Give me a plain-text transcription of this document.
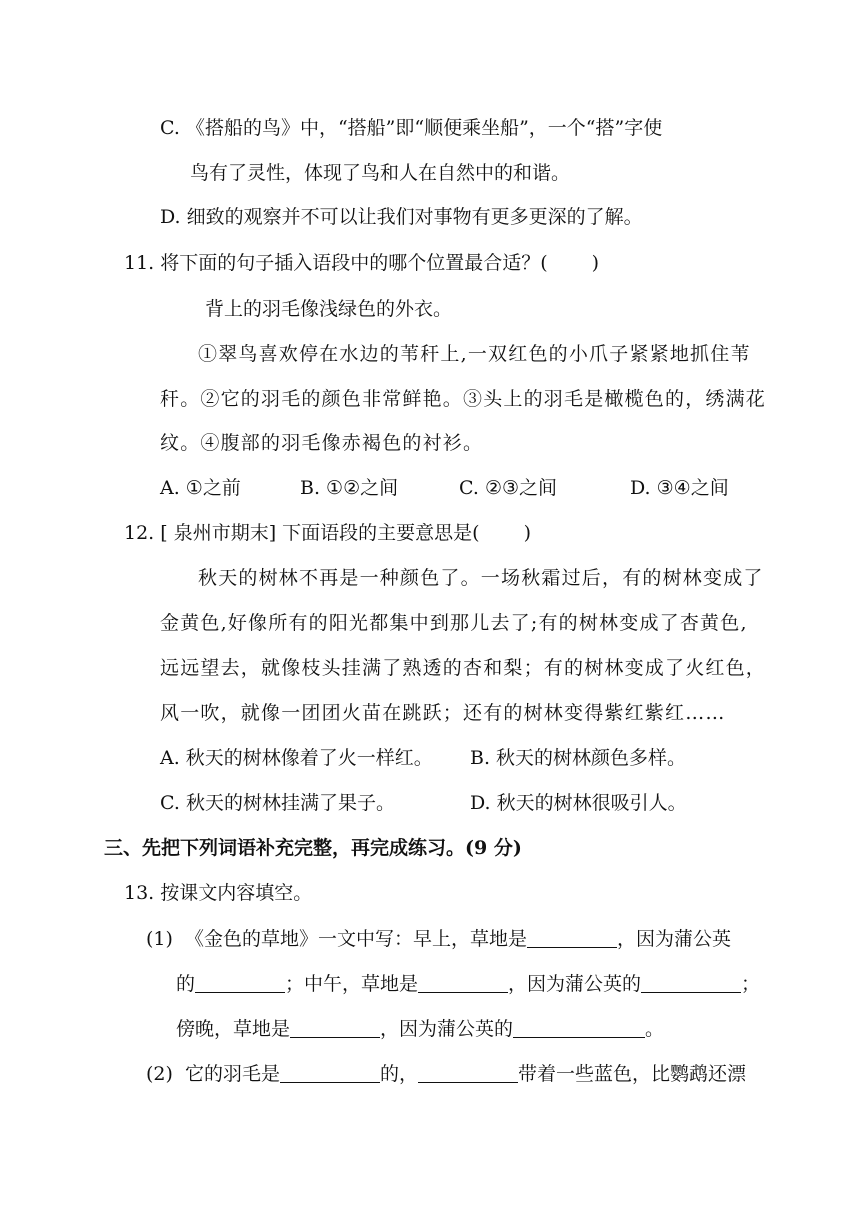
C. 《搭船的鸟》中，“搭船”即“顺便乘坐船”，一个“搭”字使
鸟有了灵性，体现了鸟和人在自然中的和谐。
D. 细致的观察并不可以让我们对事物有更多更深的了解。
11. 将下面的句子插入语段中的哪个位置最合适？( )
背上的羽毛像浅绿色的外衣。
①翠鸟喜欢停在水边的苇秆上,一双红色的小爪子紧紧地抓住苇
秆。②它的羽毛的颜色非常鲜艳。③头上的羽毛是橄榄色的，绣满花
纹。④腹部的羽毛像赤褐色的衬衫。
A. ①之前	B. ①②之间	C. ②③之间	D. ③④之间
12. [ 泉州市期末] 下面语段的主要意思是( )
秋天的树林不再是一种颜色了。一场秋霜过后，有的树林变成了
金黄色,好像所有的阳光都集中到那儿去了;有的树林变成了杏黄色,
远远望去，就像枝头挂满了熟透的杏和梨；有的树林变成了火红色，
风一吹，就像一团团火苗在跳跃；还有的树林变得紫红紫红……
A. 秋天的树林像着了火一样红。 B. 秋天的树林颜色多样。
C. 秋天的树林挂满了果子。	D. 秋天的树林很吸引人。
三、先把下列词语补充完整，再完成练习。(9 分)
13. 按课文内容填空。
(1) 《金色的草地》一文中写：早上，草地是	，因为蒲公英
的	；中午，草地是	，因为蒲公英的	；
傍晚，草地是	，因为蒲公英的	。
(2) 它的羽毛是	的，	带着一些蓝色，比鹦鹉还漂
